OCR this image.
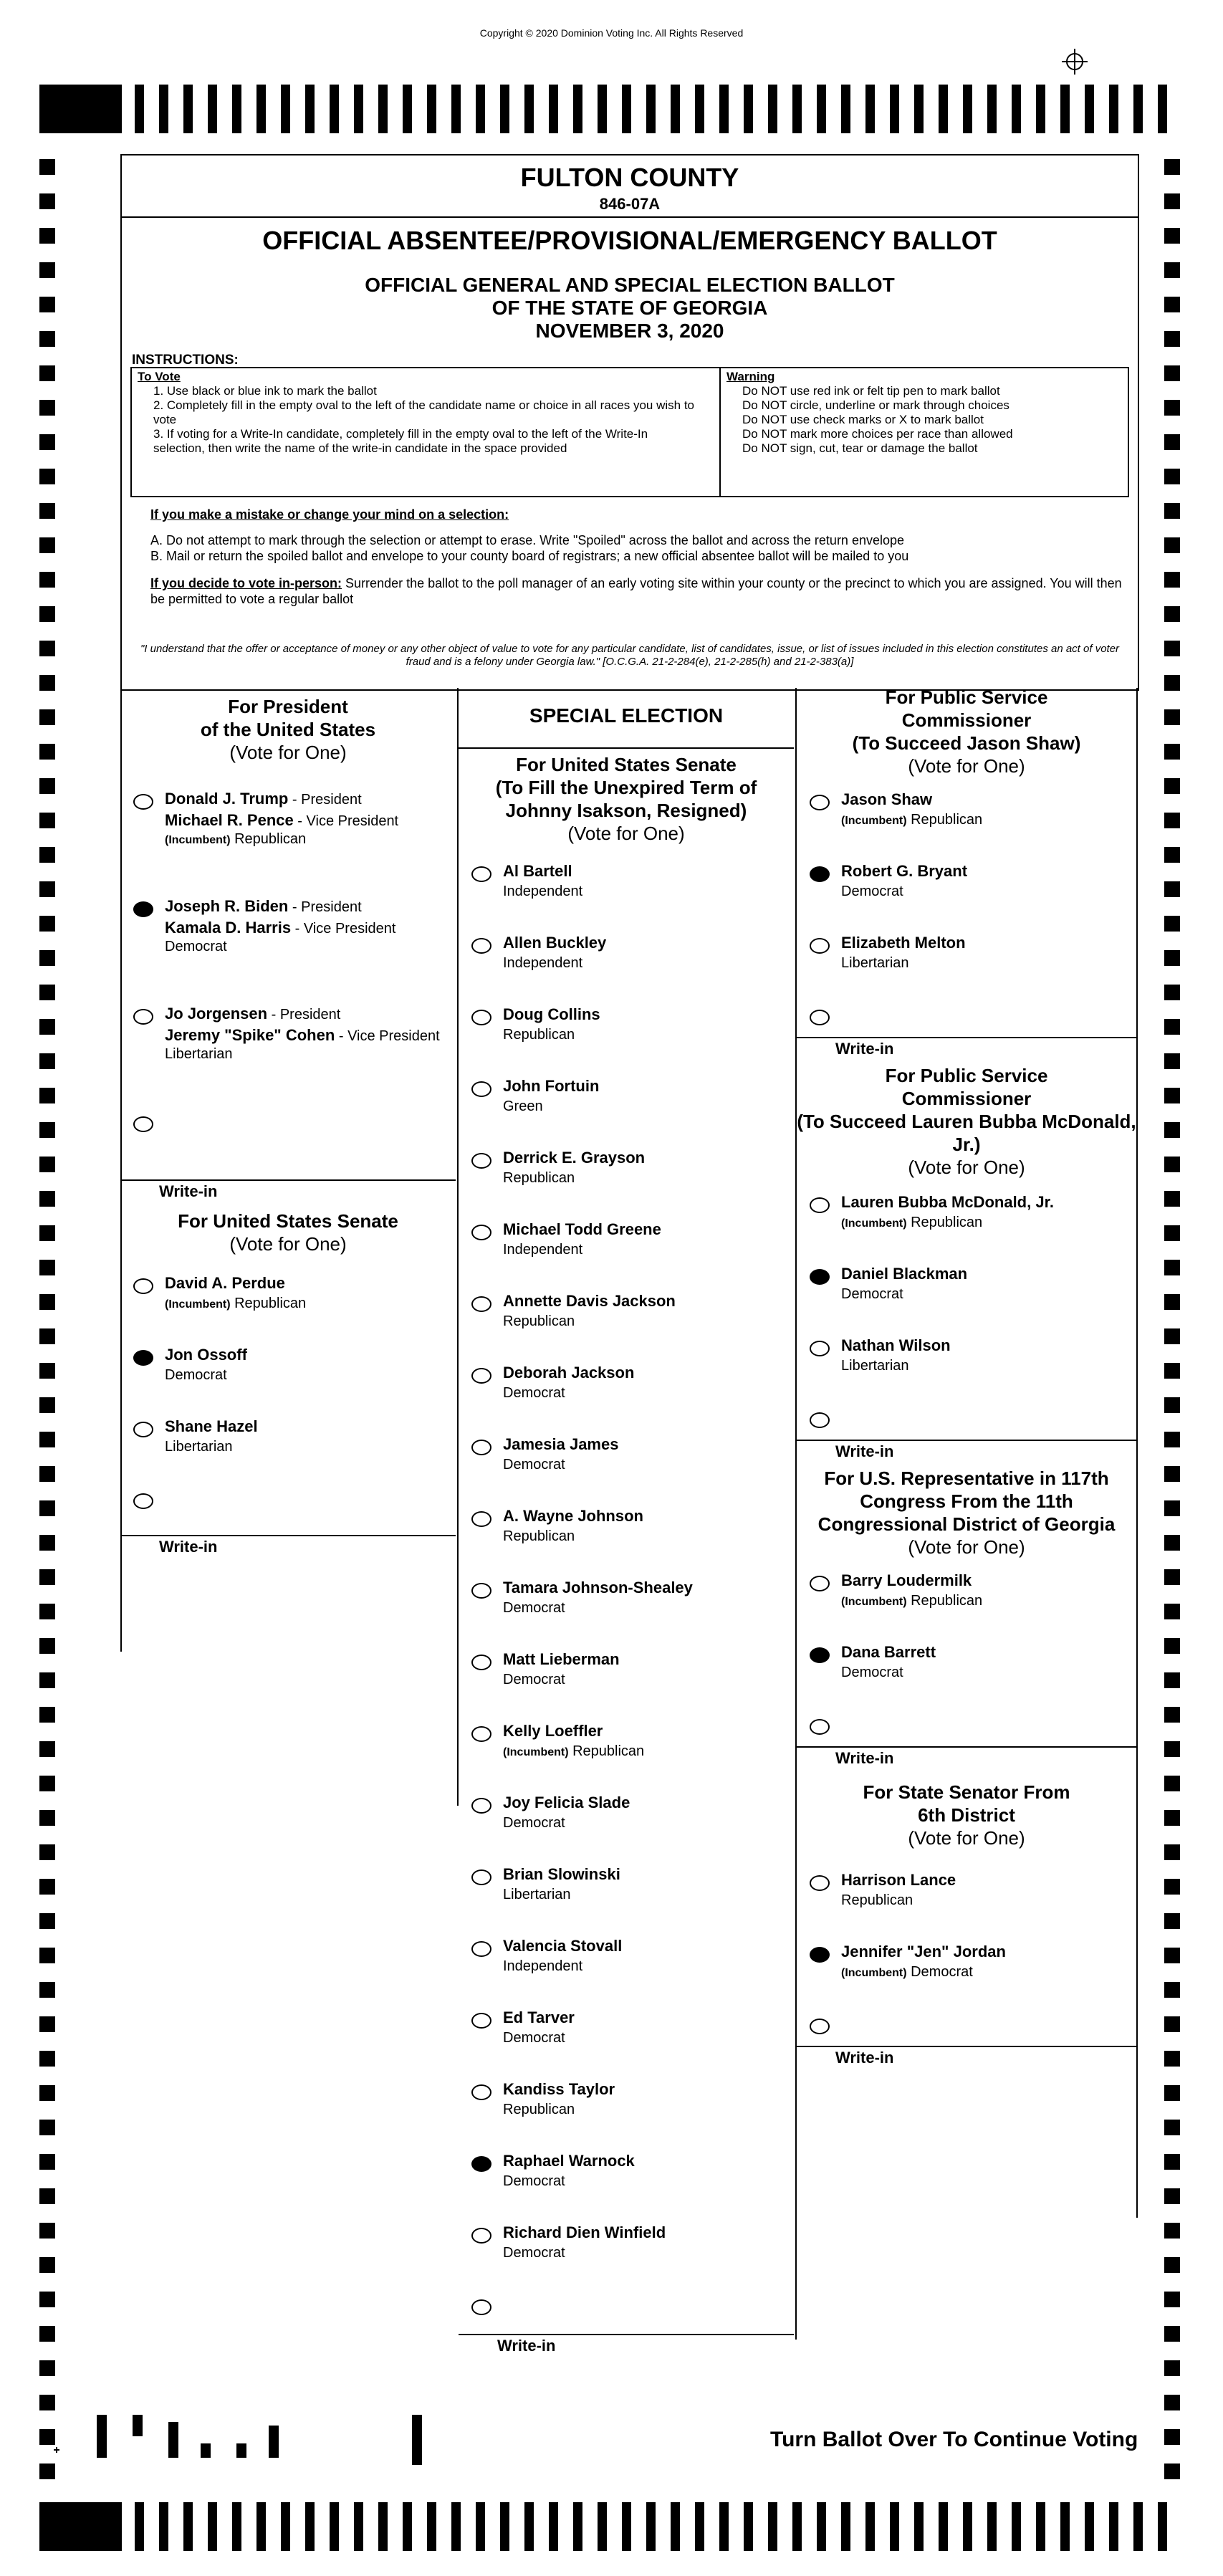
Copyright © 2020 Dominion Voting Inc. All Rights Reserved
FULTON COUNTY
846-07A
OFFICIAL ABSENTEE/PROVISIONAL/EMERGENCY BALLOT
OFFICIAL GENERAL AND SPECIAL ELECTION BALLOT
OF THE STATE OF GEORGIA
NOVEMBER 3, 2020
INSTRUCTIONS:
To Vote
1. Use black or blue ink to mark the ballot
2. Completely fill in the empty oval to the left of the candidate name or choice in all races you wish to vote
3. If voting for a Write-In candidate, completely fill in the empty oval to the left of the Write-In selection, then write the name of the write-in candidate in the space provided
Warning
Do NOT use red ink or felt tip pen to mark ballot
Do NOT circle, underline or mark through choices
Do NOT use check marks or X to mark ballot
Do NOT mark more choices per race than allowed
Do NOT sign, cut, tear or damage the ballot
If you make a mistake or change your mind on a selection:
A. Do not attempt to mark through the selection or attempt to erase. Write "Spoiled" across the ballot and across the return envelope
B. Mail or return the spoiled ballot and envelope to your county board of registrars; a new official absentee ballot will be mailed to you
If you decide to vote in-person: Surrender the ballot to the poll manager of an early voting site within your county or the precinct to which you are assigned. You will then be permitted to vote a regular ballot
"I understand that the offer or acceptance of money or any other object of value to vote for any particular candidate, list of candidates, issue, or list of issues included in this election constitutes an act of voter fraud and is a felony under Georgia law." [O.C.G.A. 21-2-284(e), 21-2-285(h) and 21-2-383(a)]
For President
of the United States
(Vote for One)
Donald J. Trump - President
Michael R. Pence - Vice President
(Incumbent) Republican
Joseph R. Biden - President
Kamala D. Harris - Vice President
Democrat
Jo Jorgensen - President
Jeremy "Spike" Cohen - Vice President
Libertarian
Write-in
For United States Senate
(Vote for One)
David A. Perdue
(Incumbent) Republican
Jon Ossoff
Democrat
Shane Hazel
Libertarian
Write-in
SPECIAL ELECTION
For United States Senate
(To Fill the Unexpired Term of
Johnny Isakson, Resigned)
(Vote for One)
Al Bartell
Independent
Allen Buckley
Independent
Doug Collins
Republican
John Fortuin
Green
Derrick E. Grayson
Republican
Michael Todd Greene
Independent
Annette Davis Jackson
Republican
Deborah Jackson
Democrat
Jamesia James
Democrat
A. Wayne Johnson
Republican
Tamara Johnson-Shealey
Democrat
Matt Lieberman
Democrat
Kelly Loeffler
(Incumbent) Republican
Joy Felicia Slade
Democrat
Brian Slowinski
Libertarian
Valencia Stovall
Independent
Ed Tarver
Democrat
Kandiss Taylor
Republican
Raphael Warnock
Democrat
Richard Dien Winfield
Democrat
Write-in
For Public Service
Commissioner
(To Succeed Jason Shaw)
(Vote for One)
Jason Shaw
(Incumbent) Republican
Robert G. Bryant
Democrat
Elizabeth Melton
Libertarian
Write-in
For Public Service
Commissioner
(To Succeed Lauren Bubba McDonald, Jr.)
(Vote for One)
Lauren Bubba McDonald, Jr.
(Incumbent) Republican
Daniel Blackman
Democrat
Nathan Wilson
Libertarian
Write-in
For U.S. Representative in 117th
Congress From the 11th
Congressional District of Georgia
(Vote for One)
Barry Loudermilk
(Incumbent) Republican
Dana Barrett
Democrat
Write-in
For State Senator From
6th District
(Vote for One)
Harrison Lance
Republican
Jennifer "Jen" Jordan
(Incumbent) Democrat
Write-in
Turn Ballot Over To Continue Voting
